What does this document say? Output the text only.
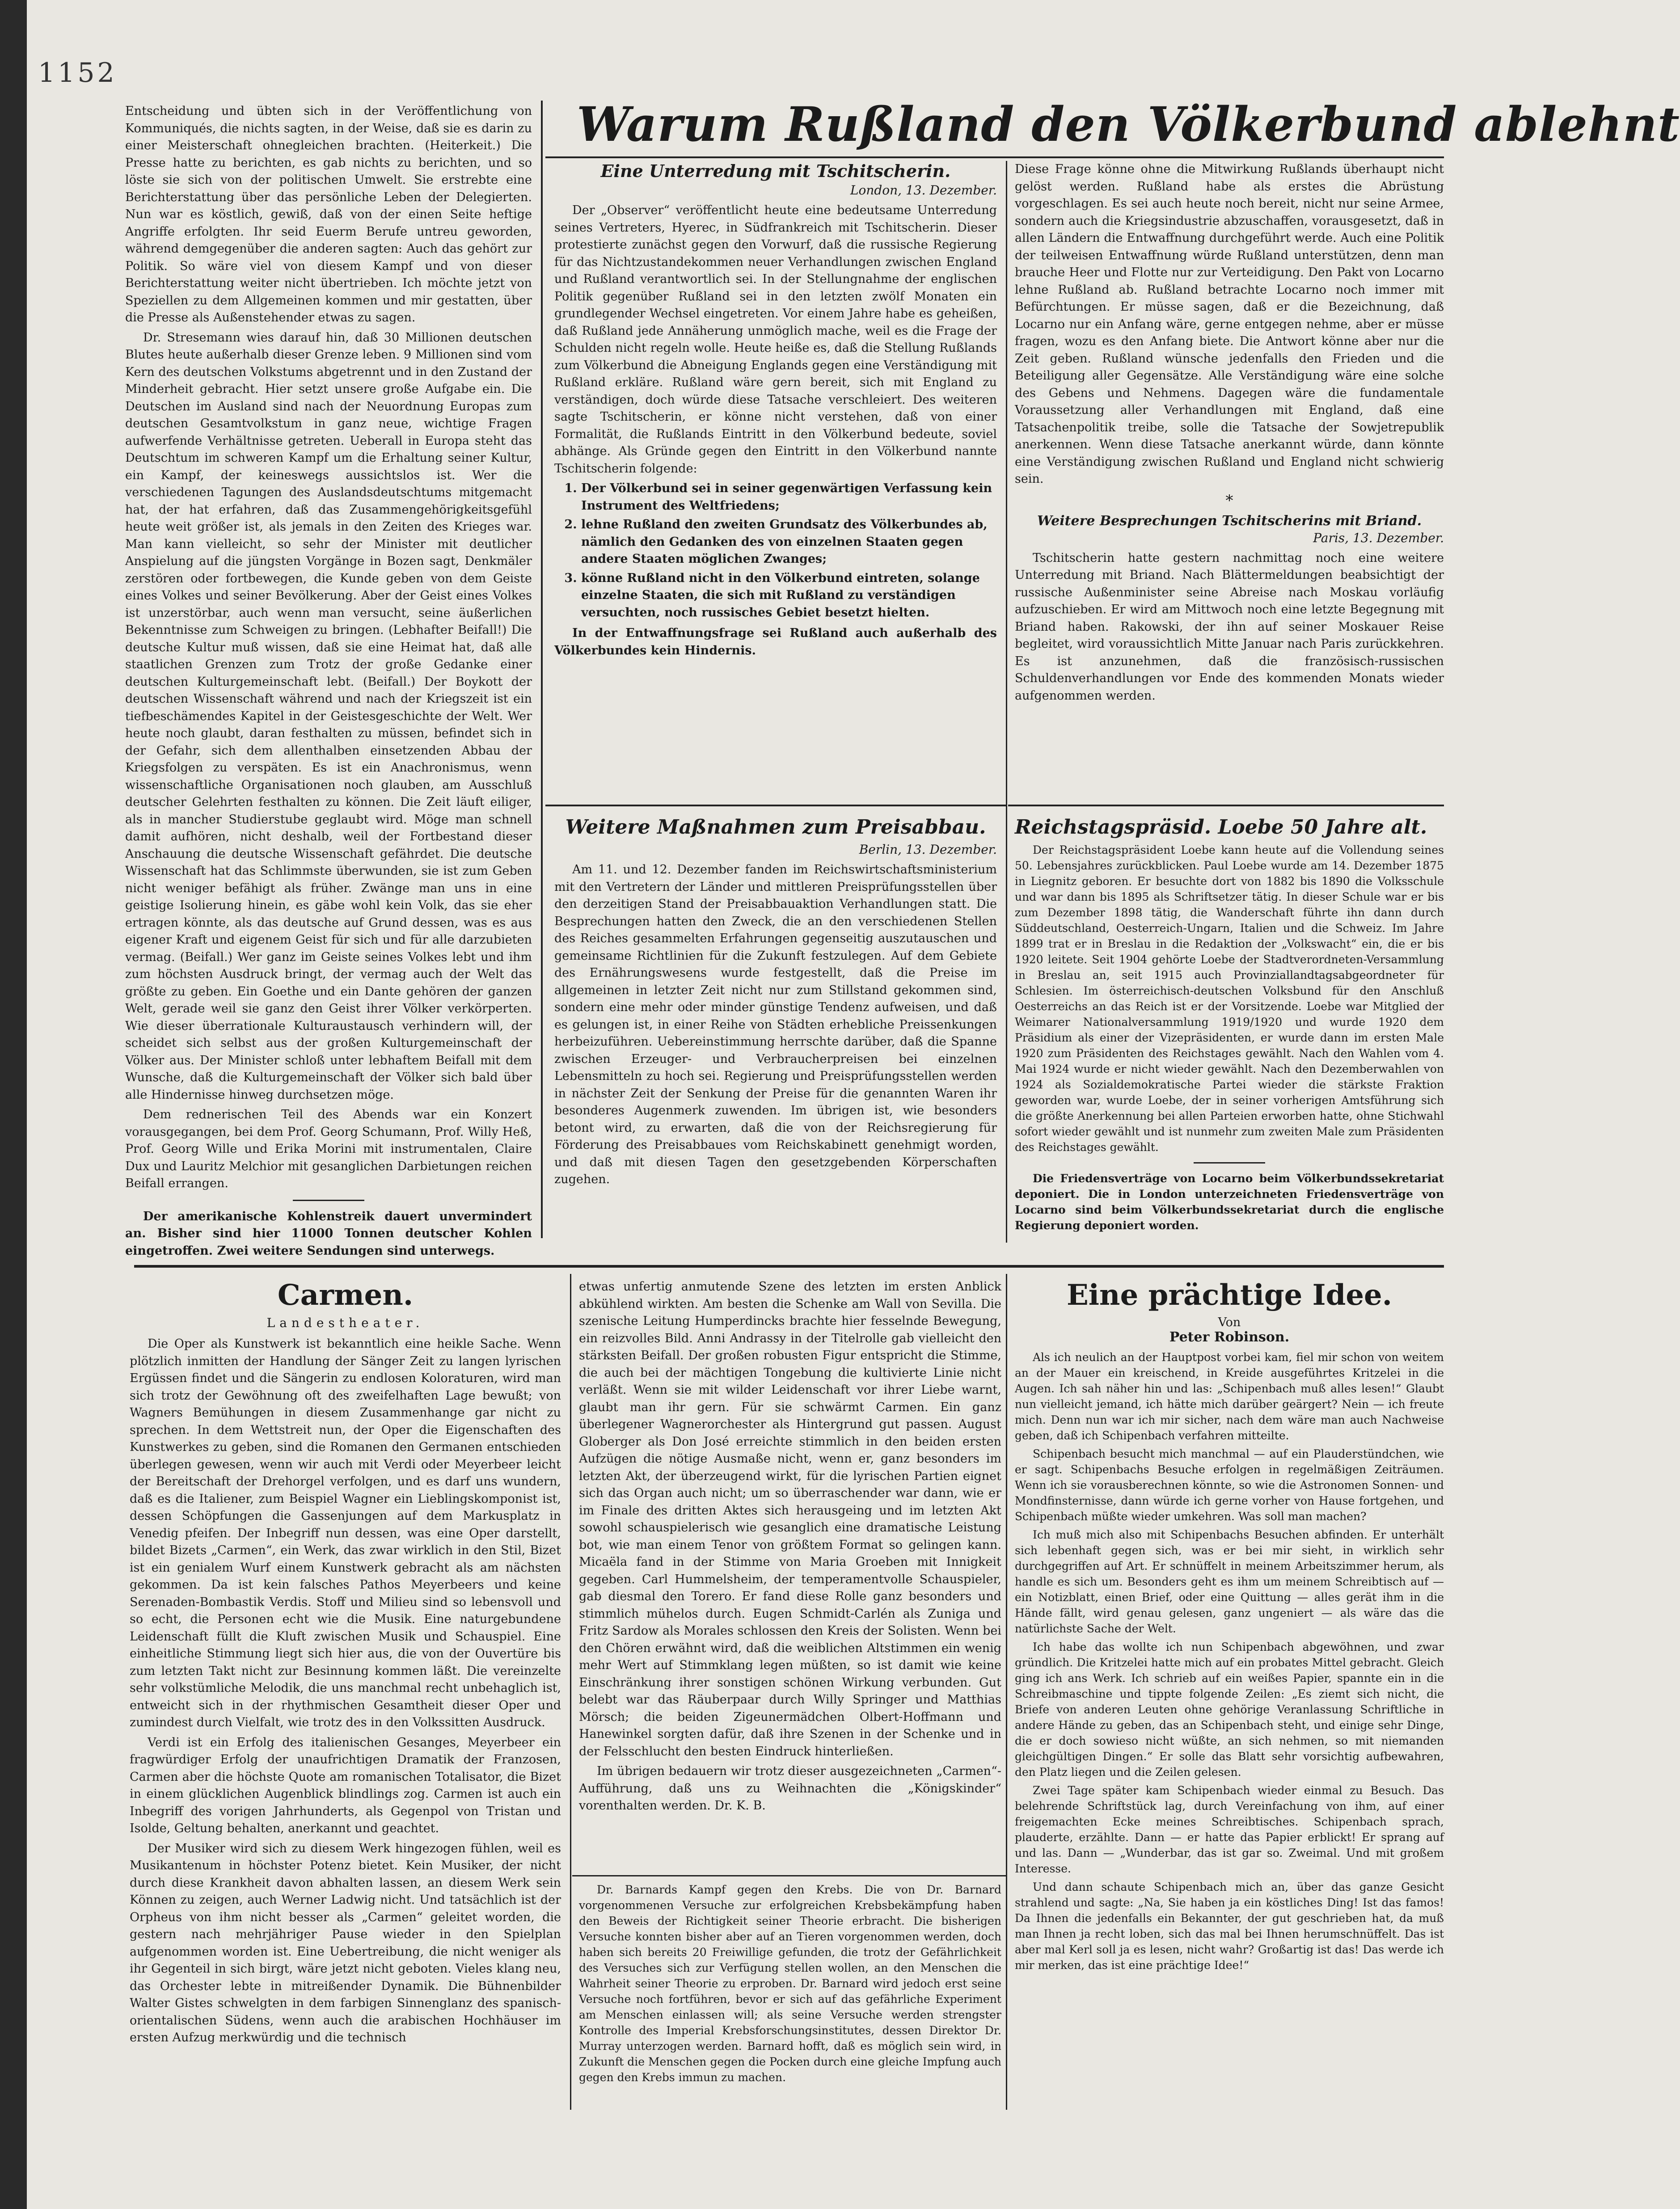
1152

Entscheidung und übten sich in der Veröffentlichung von Kommuniqués, die nichts sagten, in der Weise, daß sie es darin zu einer Meisterschaft ohnegleichen brachten. (Heiterkeit.) Die Presse hatte zu berichten, es gab nichts zu berichten, und so löste sie sich von der politischen Umwelt. Sie erstrebte eine Berichterstattung über das persönliche Leben der Delegierten. Nun war es köstlich, gewiß, daß von der einen Seite heftige Angriffe erfolgten. Ihr seid Euerm Berufe untreu geworden, während demgegenüber die anderen sagten: Auch das gehört zur Politik. So wäre viel von diesem Kampf und von dieser Berichterstattung weiter nicht übertrieben. Ich möchte jetzt von Speziellen zu dem Allgemeinen kommen und mir gestatten, über die Presse als Außenstehender etwas zu sagen.

Dr. Stresemann wies darauf hin, daß 30 Millionen deutschen Blutes heute außerhalb dieser Grenze leben. 9 Millionen sind vom Kern des deutschen Volkstums abgetrennt und in den Zustand der Minderheit gebracht. Hier setzt unsere große Aufgabe ein. Die Deutschen im Ausland sind nach der Neuordnung Europas zum deutschen Gesamtvolkstum in ganz neue, wichtige Fragen aufwerfende Verhältnisse getreten. Ueberall in Europa steht das Deutschtum im schweren Kampf um die Erhaltung seiner Kultur, ein Kampf, der keineswegs aussichtslos ist. Wer die verschiedenen Tagungen des Auslandsdeutschtums mitgemacht hat, der hat erfahren, daß das Zusammengehörigkeitsgefühl heute weit größer ist, als jemals in den Zeiten des Krieges war. Man kann vielleicht, so sehr der Minister mit deutlicher Anspielung auf die jüngsten Vorgänge in Bozen sagt, Denkmäler zerstören oder fortbewegen, die Kunde geben von dem Geiste eines Volkes und seiner Bevölkerung. Aber der Geist eines Volkes ist unzerstörbar, auch wenn man versucht, seine äußerlichen Bekenntnisse zum Schweigen zu bringen. (Lebhafter Beifall!) Die deutsche Kultur muß wissen, daß sie eine Heimat hat, daß alle staatlichen Grenzen zum Trotz der große Gedanke einer deutschen Kulturgemeinschaft lebt. (Beifall.) Der Boykott der deutschen Wissenschaft während und nach der Kriegszeit ist ein tiefbeschämendes Kapitel in der Geistesgeschichte der Welt. Wer heute noch glaubt, daran festhalten zu müssen, befindet sich in der Gefahr, sich dem allenthalben einsetzenden Abbau der Kriegsfolgen zu verspäten. Es ist ein Anachronismus, wenn wissenschaftliche Organisationen noch glauben, am Ausschluß deutscher Gelehrten festhalten zu können. Die Zeit läuft eiliger, als in mancher Studierstube geglaubt wird. Möge man schnell damit aufhören, nicht deshalb, weil der Fortbestand dieser Anschauung die deutsche Wissenschaft gefährdet. Die deutsche Wissenschaft hat das Schlimmste überwunden, sie ist zum Geben nicht weniger befähigt als früher. Zwänge man uns in eine geistige Isolierung hinein, es gäbe wohl kein Volk, das sie eher ertragen könnte, als das deutsche auf Grund dessen, was es aus eigener Kraft und eigenem Geist für sich und für alle darzubieten vermag. (Beifall.) Wer ganz im Geiste seines Volkes lebt und ihm zum höchsten Ausdruck bringt, der vermag auch der Welt das größte zu geben. Ein Goethe und ein Dante gehören der ganzen Welt, gerade weil sie ganz den Geist ihrer Völker verkörperten. Wie dieser überrationale Kulturaustausch verhindern will, der scheidet sich selbst aus der großen Kulturgemeinschaft der Völker aus. Der Minister schloß unter lebhaftem Beifall mit dem Wunsche, daß die Kulturgemeinschaft der Völker sich bald über alle Hindernisse hinweg durchsetzen möge.

Dem rednerischen Teil des Abends war ein Konzert vorausgegangen, bei dem Prof. Georg Schumann, Prof. Willy Heß, Prof. Georg Wille und Erika Morini mit instrumentalen, Claire Dux und Lauritz Melchior mit gesanglichen Darbietungen reichen Beifall errangen.

Der amerikanische Kohlenstreik dauert unvermindert an. Bisher sind hier 11000 Tonnen deutscher Kohlen eingetroffen. Zwei weitere Sendungen sind unterwegs.

Warum Rußland den Völkerbund ablehnt
Eine Unterredung mit Tschitscherin.
London, 13. Dezember.

Der „Observer“ veröffentlicht heute eine bedeutsame Unterredung seines Vertreters, Hyerec, in Südfrankreich mit Tschitscherin. Dieser protestierte zunächst gegen den Vorwurf, daß die russische Regierung für das Nichtzustandekommen neuer Verhandlungen zwischen England und Rußland verantwortlich sei. In der Stellungnahme der englischen Politik gegenüber Rußland sei in den letzten zwölf Monaten ein grundlegender Wechsel eingetreten. Vor einem Jahre habe es geheißen, daß Rußland jede Annäherung unmöglich mache, weil es die Frage der Schulden nicht regeln wolle. Heute heiße es, daß die Stellung Rußlands zum Völkerbund die Abneigung Englands gegen eine Verständigung mit Rußland erkläre. Rußland wäre gern bereit, sich mit England zu verständigen, doch würde diese Tatsache verschleiert. Des weiteren sagte Tschitscherin, er könne nicht verstehen, daß von einer Formalität, die Rußlands Eintritt in den Völkerbund bedeute, soviel abhänge. Als Gründe gegen den Eintritt in den Völkerbund nannte Tschitscherin folgende:

1. Der Völkerbund sei in seiner gegenwärtigen Verfassung kein Instrument des Weltfriedens;
2. lehne Rußland den zweiten Grundsatz des Völkerbundes ab, nämlich den Gedanken des von einzelnen Staaten gegen andere Staaten möglichen Zwanges;
3. könne Rußland nicht in den Völkerbund eintreten, solange einzelne Staaten, die sich mit Rußland zu verständigen versuchten, noch russisches Gebiet besetzt hielten.

In der Entwaffnungsfrage sei Rußland auch außerhalb des Völkerbundes kein Hindernis.

Diese Frage könne ohne die Mitwirkung Rußlands überhaupt nicht gelöst werden. Rußland habe als erstes die Abrüstung vorgeschlagen. Es sei auch heute noch bereit, nicht nur seine Armee, sondern auch die Kriegsindustrie abzuschaffen, vorausgesetzt, daß in allen Ländern die Entwaffnung durchgeführt werde. Auch eine Politik der teilweisen Entwaffnung würde Rußland unterstützen, denn man brauche Heer und Flotte nur zur Verteidigung. Den Pakt von Locarno lehne Rußland ab. Rußland betrachte Locarno noch immer mit Befürchtungen. Er müsse sagen, daß er die Bezeichnung, daß Locarno nur ein Anfang wäre, gerne entgegen nehme, aber er müsse fragen, wozu es den Anfang biete. Die Antwort könne aber nur die Zeit geben. Rußland wünsche jedenfalls den Frieden und die Beteiligung aller Gegensätze. Alle Verständigung wäre eine solche des Gebens und Nehmens. Dagegen wäre die fundamentale Voraussetzung aller Verhandlungen mit England, daß eine Tatsachenpolitik treibe, solle die Tatsache der Sowjetrepublik anerkennen. Wenn diese Tatsache anerkannt würde, dann könnte eine Verständigung zwischen Rußland und England nicht schwierig sein.

*
Weitere Besprechungen Tschitscherins mit Briand.
Paris, 13. Dezember.

Tschitscherin hatte gestern nachmittag noch eine weitere Unterredung mit Briand. Nach Blättermeldungen beabsichtigt der russische Außenminister seine Abreise nach Moskau vorläufig aufzuschieben. Er wird am Mittwoch noch eine letzte Begegnung mit Briand haben. Rakowski, der ihn auf seiner Moskauer Reise begleitet, wird voraussichtlich Mitte Januar nach Paris zurückkehren. Es ist anzunehmen, daß die französisch-russischen Schuldenverhandlungen vor Ende des kommenden Monats wieder aufgenommen werden.

Weitere Maßnahmen zum Preisabbau.
Berlin, 13. Dezember.

Am 11. und 12. Dezember fanden im Reichswirtschaftsministerium mit den Vertretern der Länder und mittleren Preisprüfungsstellen über den derzeitigen Stand der Preisabbauaktion Verhandlungen statt. Die Besprechungen hatten den Zweck, die an den verschiedenen Stellen des Reiches gesammelten Erfahrungen gegenseitig auszutauschen und gemeinsame Richtlinien für die Zukunft festzulegen. Auf dem Gebiete des Ernährungswesens wurde festgestellt, daß die Preise im allgemeinen in letzter Zeit nicht nur zum Stillstand gekommen sind, sondern eine mehr oder minder günstige Tendenz aufweisen, und daß es gelungen ist, in einer Reihe von Städten erhebliche Preissenkungen herbeizuführen. Uebereinstimmung herrschte darüber, daß die Spanne zwischen Erzeuger- und Verbraucherpreisen bei einzelnen Lebensmitteln zu hoch sei. Regierung und Preisprüfungsstellen werden in nächster Zeit der Senkung der Preise für die genannten Waren ihr besonderes Augenmerk zuwenden. Im übrigen ist, wie besonders betont wird, zu erwarten, daß die von der Reichsregierung für Förderung des Preisabbaues vom Reichskabinett genehmigt worden, und daß mit diesen Tagen den gesetzgebenden Körperschaften zugehen.

Reichstagspräsid. Loebe 50 Jahre alt.

Der Reichstagspräsident Loebe kann heute auf die Vollendung seines 50. Lebensjahres zurückblicken. Paul Loebe wurde am 14. Dezember 1875 in Liegnitz geboren. Er besuchte dort von 1882 bis 1890 die Volksschule und war dann bis 1895 als Schriftsetzer tätig. In dieser Schule war er bis zum Dezember 1898 tätig, die Wanderschaft führte ihn dann durch Süddeutschland, Oesterreich-Ungarn, Italien und die Schweiz. Im Jahre 1899 trat er in Breslau in die Redaktion der „Volkswacht“ ein, die er bis 1920 leitete. Seit 1904 gehörte Loebe der Stadtverordneten-Versammlung in Breslau an, seit 1915 auch Provinziallandtagsabgeordneter für Schlesien. Im österreichisch-deutschen Volksbund für den Anschluß Oesterreichs an das Reich ist er der Vorsitzende. Loebe war Mitglied der Weimarer Nationalversammlung 1919/1920 und wurde 1920 dem Präsidium als einer der Vizepräsidenten, er wurde dann im ersten Male 1920 zum Präsidenten des Reichstages gewählt. Nach den Wahlen vom 4. Mai 1924 wurde er nicht wieder gewählt. Nach den Dezemberwahlen von 1924 als Sozialdemokratische Partei wieder die stärkste Fraktion geworden war, wurde Loebe, der in seiner vorherigen Amtsführung sich die größte Anerkennung bei allen Parteien erworben hatte, ohne Stichwahl sofort wieder gewählt und ist nunmehr zum zweiten Male zum Präsidenten des Reichstages gewählt.

Die Friedensverträge von Locarno beim Völkerbundssekretariat deponiert. Die in London unterzeichneten Friedensverträge von Locarno sind beim Völkerbundssekretariat durch die englische Regierung deponiert worden.

Carmen.
Landestheater.

Die Oper als Kunstwerk ist bekanntlich eine heikle Sache. Wenn plötzlich inmitten der Handlung der Sänger Zeit zu langen lyrischen Ergüssen findet und die Sängerin zu endlosen Koloraturen, wird man sich trotz der Gewöhnung oft des zweifelhaften Lage bewußt; von Wagners Bemühungen in diesem Zusammenhange gar nicht zu sprechen. In dem Wettstreit nun, der Oper die Eigenschaften des Kunstwerkes zu geben, sind die Romanen den Germanen entschieden überlegen gewesen, wenn wir auch mit Verdi oder Meyerbeer leicht der Bereitschaft der Drehorgel verfolgen, und es darf uns wundern, daß es die Italiener, zum Beispiel Wagner ein Lieblingskomponist ist, dessen Schöpfungen die Gassenjungen auf dem Markusplatz in Venedig pfeifen. Der Inbegriff nun dessen, was eine Oper darstellt, bildet Bizets „Carmen“, ein Werk, das zwar wirklich in den Stil, Bizet ist ein genialem Wurf einem Kunstwerk gebracht als am nächsten gekommen. Da ist kein falsches Pathos Meyerbeers und keine Serenaden-Bombastik Verdis. Stoff und Milieu sind so lebensvoll und so echt, die Personen echt wie die Musik. Eine naturgebundene Leidenschaft füllt die Kluft zwischen Musik und Schauspiel. Eine einheitliche Stimmung liegt sich hier aus, die von der Ouvertüre bis zum letzten Takt nicht zur Besinnung kommen läßt. Die vereinzelte sehr volkstümliche Melodik, die uns manchmal recht unbehaglich ist, entweicht sich in der rhythmischen Gesamtheit dieser Oper und zumindest durch Vielfalt, wie trotz des in den Volkssitten Ausdruck.

Verdi ist ein Erfolg des italienischen Gesanges, Meyerbeer ein fragwürdiger Erfolg der unaufrichtigen Dramatik der Franzosen, Carmen aber die höchste Quote am romanischen Totalisator, die Bizet in einem glücklichen Augenblick blindlings zog. Carmen ist auch ein Inbegriff des vorigen Jahrhunderts, als Gegenpol von Tristan und Isolde, Geltung behalten, anerkannt und geachtet.

Der Musiker wird sich zu diesem Werk hingezogen fühlen, weil es Musikantenum in höchster Potenz bietet. Kein Musiker, der nicht durch diese Krankheit davon abhalten lassen, an diesem Werk sein Können zu zeigen, auch Werner Ladwig nicht. Und tatsächlich ist der Orpheus von ihm nicht besser als „Carmen“ geleitet worden, die gestern nach mehrjähriger Pause wieder in den Spielplan aufgenommen worden ist. Eine Uebertreibung, die nicht weniger als ihr Gegenteil in sich birgt, wäre jetzt nicht geboten. Vieles klang neu, das Orchester lebte in mitreißender Dynamik. Die Bühnenbilder Walter Gistes schwelgten in dem farbigen Sinnenglanz des spanisch-orientalischen Südens, wenn auch die arabischen Hochhäuser im ersten Aufzug merkwürdig und die technisch

etwas unfertig anmutende Szene des letzten im ersten Anblick abkühlend wirkten. Am besten die Schenke am Wall von Sevilla. Die szenische Leitung Humperdincks brachte hier fesselnde Bewegung, ein reizvolles Bild. Anni Andrassy in der Titelrolle gab vielleicht den stärksten Beifall. Der großen robusten Figur entspricht die Stimme, die auch bei der mächtigen Tongebung die kultivierte Linie nicht verläßt. Wenn sie mit wilder Leidenschaft vor ihrer Liebe warnt, glaubt man ihr gern. Für sie schwärmt Carmen. Ein ganz überlegener Wagnerorchester als Hintergrund gut passen. August Globerger als Don José erreichte stimmlich in den beiden ersten Aufzügen die nötige Ausmaße nicht, wenn er, ganz besonders im letzten Akt, der überzeugend wirkt, für die lyrischen Partien eignet sich das Organ auch nicht; um so überraschender war dann, wie er im Finale des dritten Aktes sich herausgeing und im letzten Akt sowohl schauspielerisch wie gesanglich eine dramatische Leistung bot, wie man einem Tenor von größtem Format so gelingen kann. Micaëla fand in der Stimme von Maria Groeben mit Innigkeit gegeben. Carl Hummelsheim, der temperamentvolle Schauspieler, gab diesmal den Torero. Er fand diese Rolle ganz besonders und stimmlich mühelos durch. Eugen Schmidt-Carlén als Zuniga und Fritz Sardow als Morales schlossen den Kreis der Solisten. Wenn bei den Chören erwähnt wird, daß die weiblichen Altstimmen ein wenig mehr Wert auf Stimmklang legen müßten, so ist damit wie keine Einschränkung ihrer sonstigen schönen Wirkung verbunden. Gut belebt war das Räuberpaar durch Willy Springer und Matthias Mörsch; die beiden Zigeunermädchen Olbert-Hoffmann und Hanewinkel sorgten dafür, daß ihre Szenen in der Schenke und in der Felsschlucht den besten Eindruck hinterließen.

Im übrigen bedauern wir trotz dieser ausgezeichneten „Carmen“-Aufführung, daß uns zu Weihnachten die „Königskinder“ vorenthalten werden. Dr. K. B.

Dr. Barnards Kampf gegen den Krebs. Die von Dr. Barnard vorgenommenen Versuche zur erfolgreichen Krebsbekämpfung haben den Beweis der Richtigkeit seiner Theorie erbracht. Die bisherigen Versuche konnten bisher aber auf an Tieren vorgenommen werden, doch haben sich bereits 20 Freiwillige gefunden, die trotz der Gefährlichkeit des Versuches sich zur Verfügung stellen wollen, an den Menschen die Wahrheit seiner Theorie zu erproben. Dr. Barnard wird jedoch erst seine Versuche noch fortführen, bevor er sich auf das gefährliche Experiment am Menschen einlassen will; als seine Versuche werden strengster Kontrolle des Imperial Krebsforschungsinstitutes, dessen Direktor Dr. Murray unterzogen werden. Barnard hofft, daß es möglich sein wird, in Zukunft die Menschen gegen die Pocken durch eine gleiche Impfung auch gegen den Krebs immun zu machen.

Eine prächtige Idee.

Von

Peter Robinson.

Als ich neulich an der Hauptpost vorbei kam, fiel mir schon von weitem an der Mauer ein kreischend, in Kreide ausgeführtes Kritzelei in die Augen. Ich sah näher hin und las: „Schipenbach muß alles lesen!“ Glaubt nun vielleicht jemand, ich hätte mich darüber geärgert? Nein — ich freute mich. Denn nun war ich mir sicher, nach dem wäre man auch Nachweise geben, daß ich Schipenbach verfahren mitteilte.

Schipenbach besucht mich manchmal — auf ein Plauderstündchen, wie er sagt. Schipenbachs Besuche erfolgen in regelmäßigen Zeiträumen. Wenn ich sie vorausberechnen könnte, so wie die Astronomen Sonnen- und Mondfinsternisse, dann würde ich gerne vorher von Hause fortgehen, und Schipenbach müßte wieder umkehren. Was soll man machen?

Ich muß mich also mit Schipenbachs Besuchen abfinden. Er unterhält sich lebenhaft gegen sich, was er bei mir sieht, in wirklich sehr durchgegriffen auf Art. Er schnüffelt in meinem Arbeitszimmer herum, als handle es sich um. Besonders geht es ihm um meinem Schreibtisch auf — ein Notizblatt, einen Brief, oder eine Quittung — alles gerät ihm in die Hände fällt, wird genau gelesen, ganz ungeniert — als wäre das die natürlichste Sache der Welt.

Ich habe das wollte ich nun Schipenbach abgewöhnen, und zwar gründlich. Die Kritzelei hatte mich auf ein probates Mittel gebracht. Gleich ging ich ans Werk. Ich schrieb auf ein weißes Papier, spannte ein in die Schreibmaschine und tippte folgende Zeilen: „Es ziemt sich nicht, die Briefe von anderen Leuten ohne gehörige Veranlassung Schriftliche in andere Hände zu geben, das an Schipenbach steht, und einige sehr Dinge, die er doch sowieso nicht wüßte, an sich nehmen, so mit niemanden gleichgültigen Dingen.“ Er solle das Blatt sehr vorsichtig aufbewahren, den Platz liegen und die Zeilen gelesen.

Zwei Tage später kam Schipenbach wieder einmal zu Besuch. Das belehrende Schriftstück lag, durch Vereinfachung von ihm, auf einer freigemachten Ecke meines Schreibtisches. Schipenbach sprach, plauderte, erzählte. Dann — er hatte das Papier erblickt! Er sprang auf und las. Dann — „Wunderbar, das ist gar so. Zweimal. Und mit großem Interesse.

Und dann schaute Schipenbach mich an, über das ganze Gesicht strahlend und sagte: „Na, Sie haben ja ein köstliches Ding! Ist das famos! Da Ihnen die jedenfalls ein Bekannter, der gut geschrieben hat, da muß man Ihnen ja recht loben, sich das mal bei Ihnen herumschnüffelt. Das ist aber mal Kerl soll ja es lesen, nicht wahr? Großartig ist das! Das werde ich mir merken, das ist eine prächtige Idee!“
